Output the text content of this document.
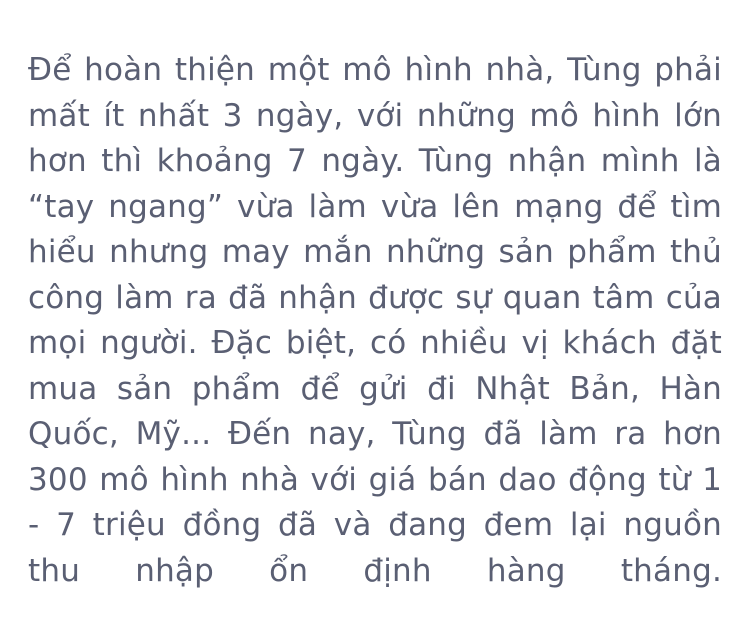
Để hoàn thiện một mô hình nhà, Tùng phải mất ít nhất 3 ngày, với những mô hình lớn hơn thì khoảng 7 ngày. Tùng nhận mình là “tay ngang” vừa làm vừa lên mạng để tìm hiểu nhưng may mắn những sản phẩm thủ công làm ra đã nhận được sự quan tâm của mọi người. Đặc biệt, có nhiều vị khách đặt mua sản phẩm để gửi đi Nhật Bản, Hàn Quốc, Mỹ... Đến nay, Tùng đã làm ra hơn 300 mô hình nhà với giá bán dao động từ 1 - 7 triệu đồng đã và đang đem lại nguồn thu nhập ổn định hàng tháng.
